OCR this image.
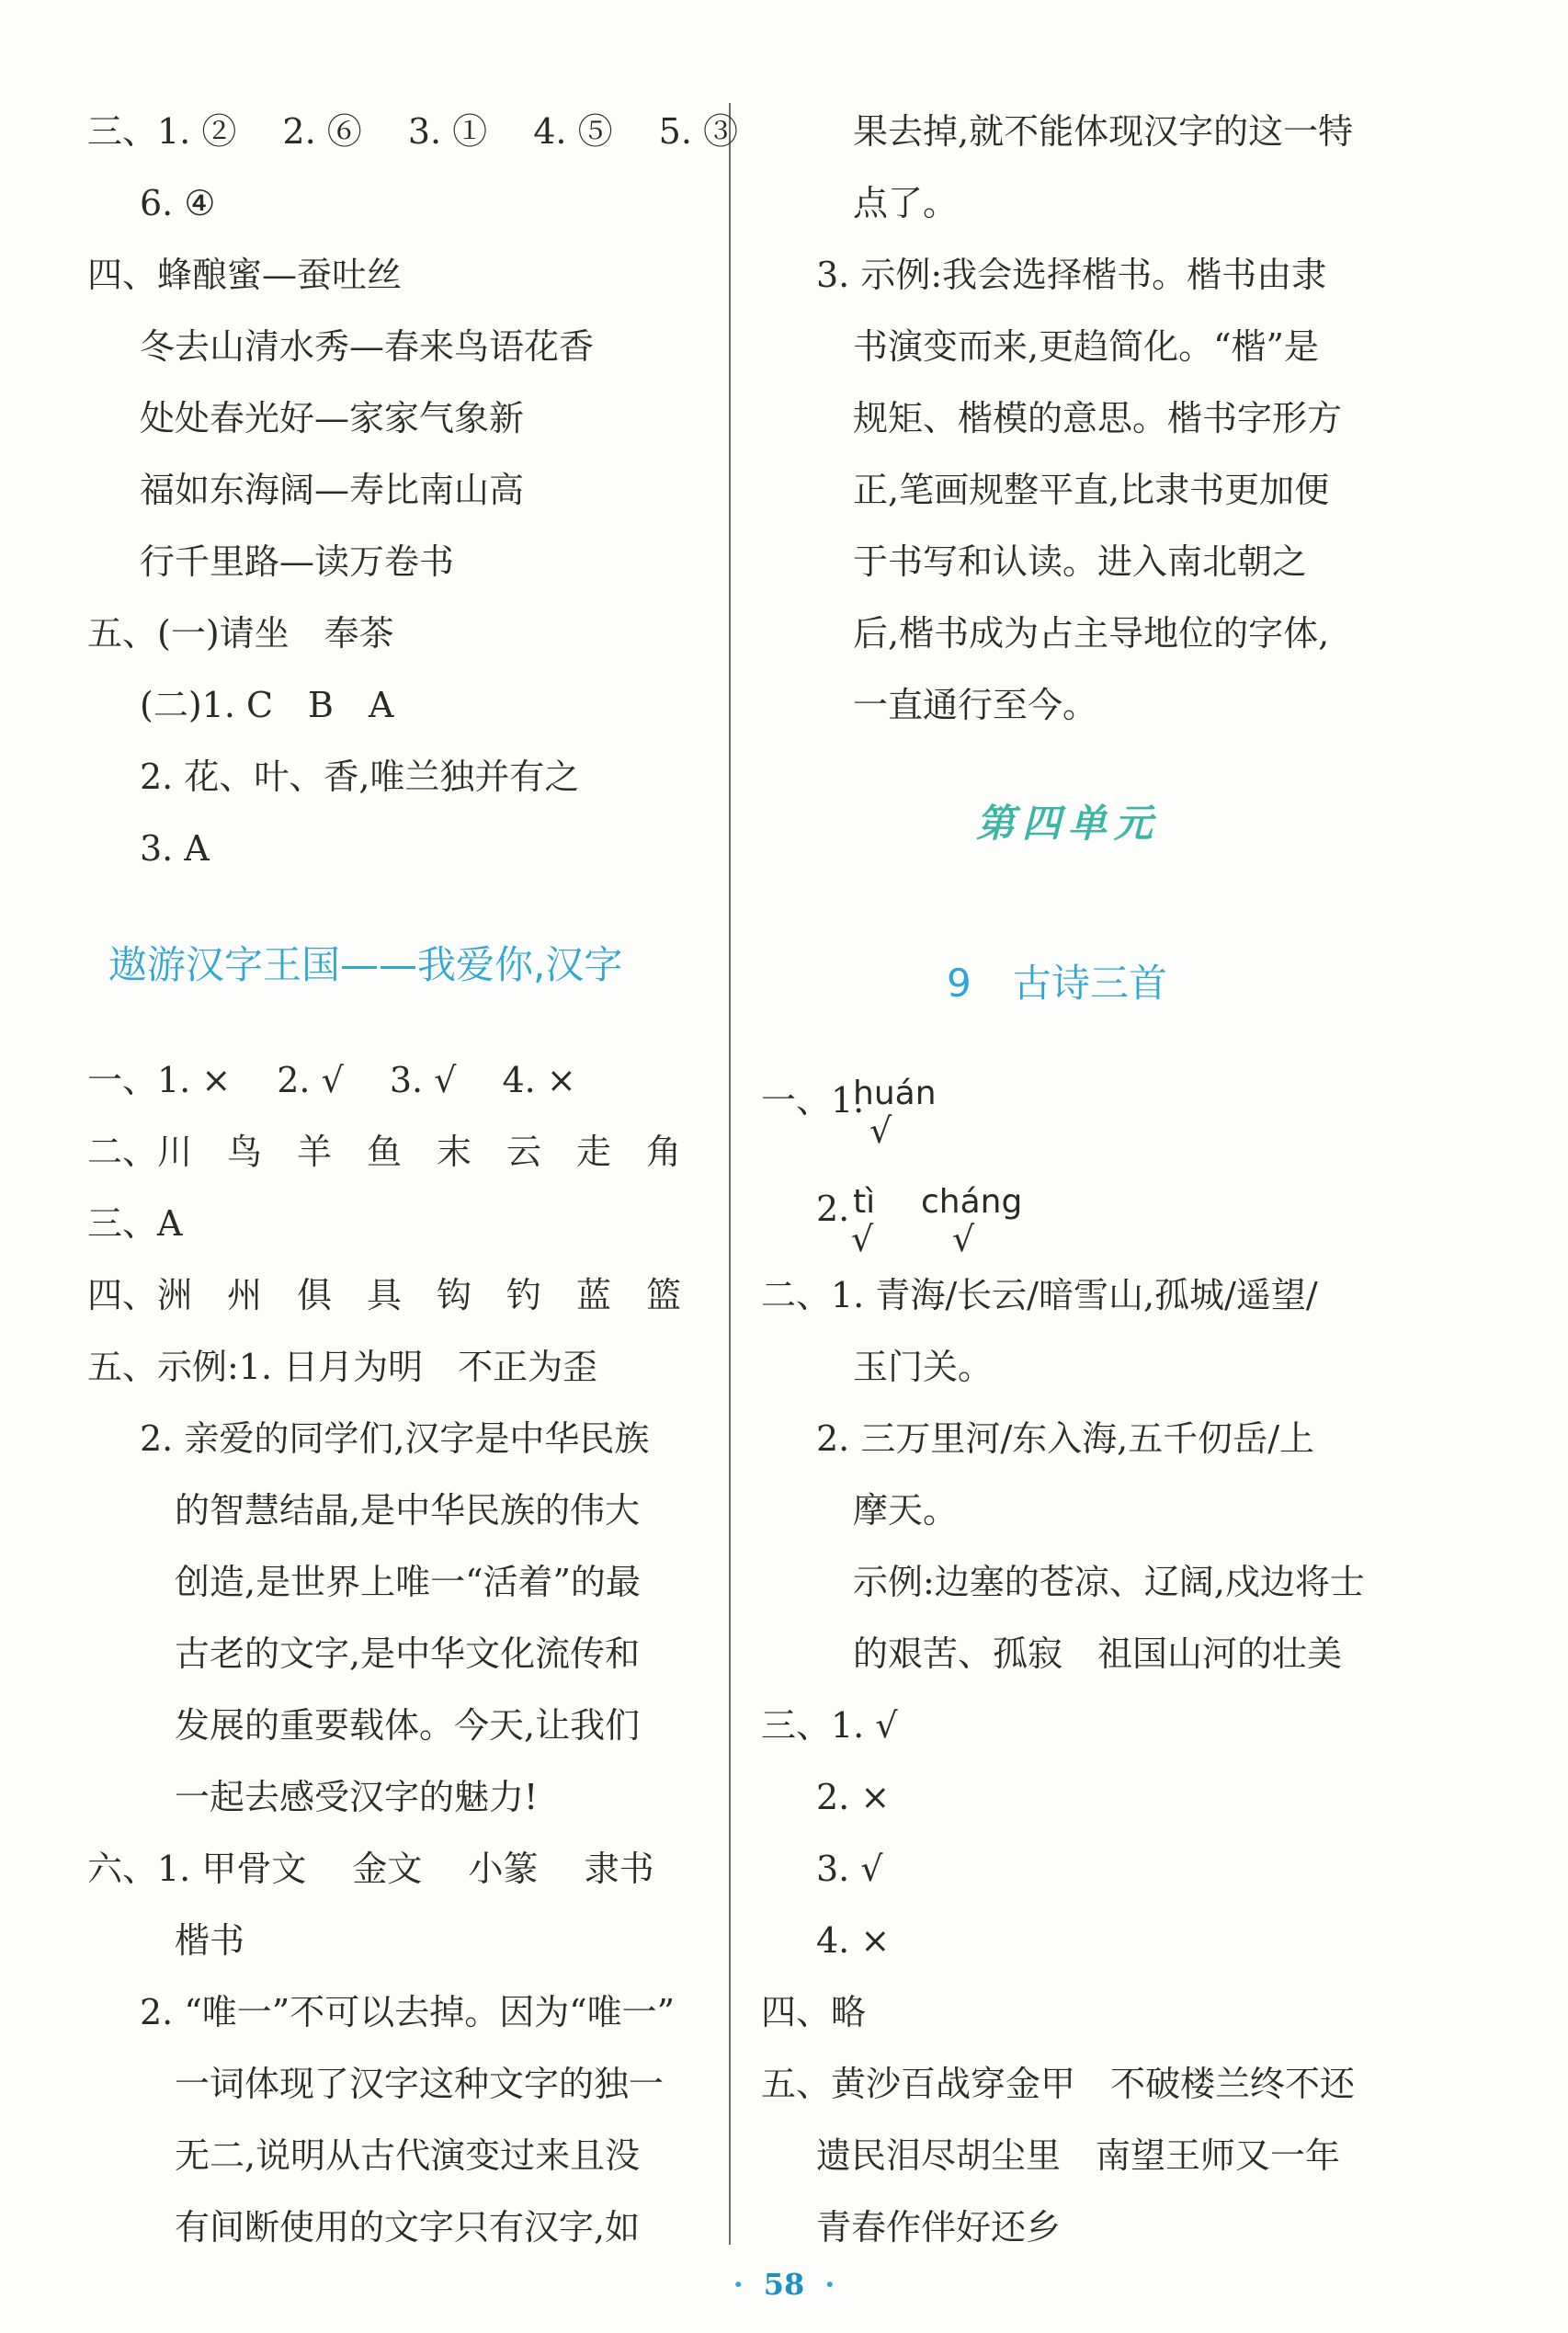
三、1. ②　 2. ⑥　 3. ①　 4. ⑤　 5. ③
6. ④
四、蜂酿蜜—蚕吐丝
冬去山清水秀—春来鸟语花香
处处春光好—家家气象新
福如东海阔—寿比南山高
行千里路—读万卷书
五、(一)请坐　奉茶
(二)1. C　B　A
2. 花、叶、香,唯兰独并有之
3. A
遨游汉字王国——我爱你,汉字
一、1. ×　 2. √　 3. √　 4. ×
二、川　鸟　羊　鱼　末　云　走　角
三、A
四、洲　州　俱　具　钩　钓　蓝　篮
五、示例:1. 日月为明　不正为歪
2. 亲爱的同学们,汉字是中华民族
的智慧结晶,是中华民族的伟大
创造,是世界上唯一“活着”的最
古老的文字,是中华文化流传和
发展的重要载体。今天,让我们
一起去感受汉字的魅力!
六、1. 甲骨文　 金文　 小篆　 隶书
楷书
2. “唯一”不可以去掉。因为“唯一”
一词体现了汉字这种文字的独一
无二,说明从古代演变过来且没
有间断使用的文字只有汉字,如
果去掉,就不能体现汉字的这一特
点了。
3. 示例:我会选择楷书。楷书由隶
书演变而来,更趋简化。“楷”是
规矩、楷模的意思。楷书字形方
正,笔画规整平直,比隶书更加便
于书写和认读。进入南北朝之
后,楷书成为占主导地位的字体,
一直通行至今。
第四单元
9 古诗三首
一、1.
huán
√
2. tì cháng
√ √
二、1. 青海/长云/暗雪山,孤城/遥望/
玉门关。
2. 三万里河/东入海,五千仞岳/上
摩天。
示例:边塞的苍凉、辽阔,戍边将士
的艰苦、孤寂　祖国山河的壮美
三、1. √
2. ×
3. √
4. ×
四、略
五、黄沙百战穿金甲　不破楼兰终不还
遗民泪尽胡尘里　南望王师又一年
青春作伴好还乡
· 58 ·
